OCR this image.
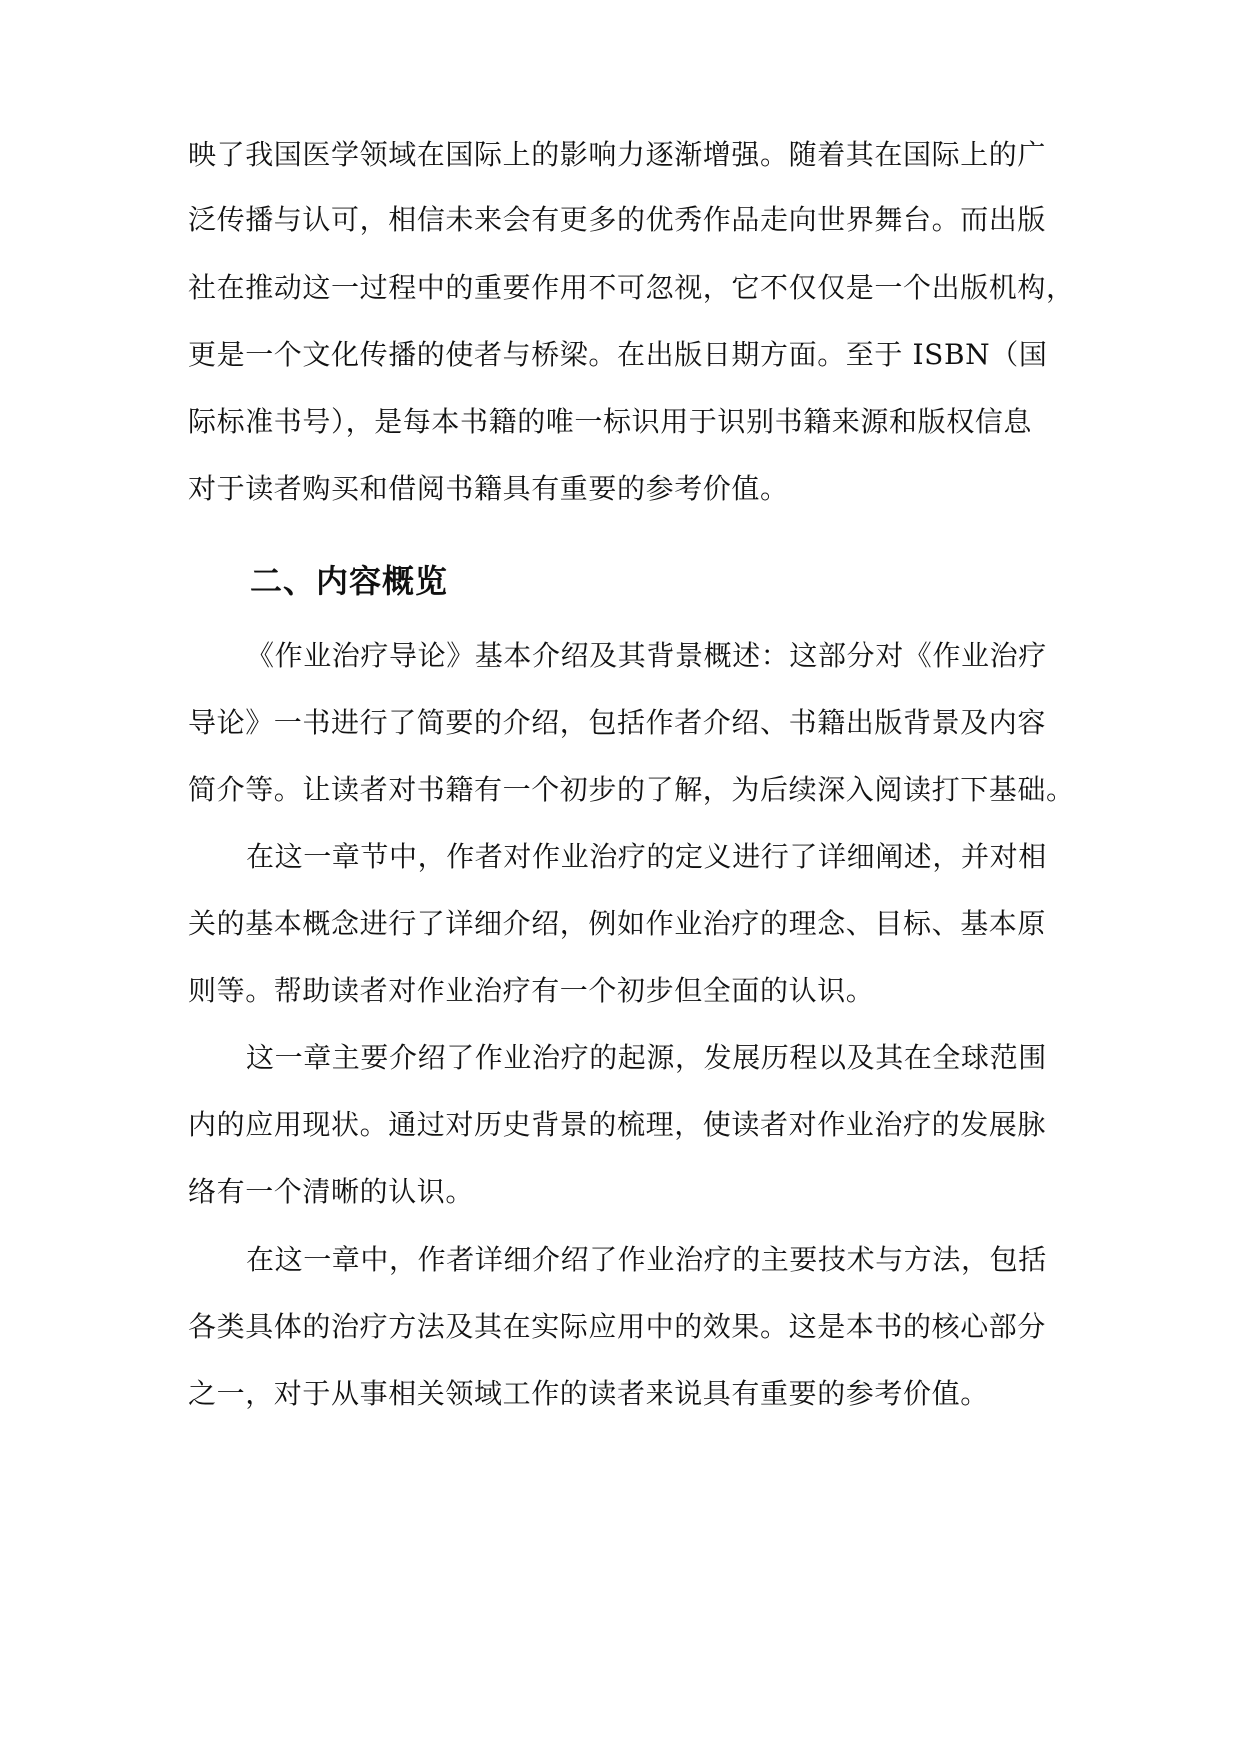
映了我国医学领域在国际上的影响力逐渐增强。随着其在国际上的广
泛传播与认可，相信未来会有更多的优秀作品走向世界舞台。而出版
社在推动这一过程中的重要作用不可忽视，它不仅仅是一个出版机构，
更是一个文化传播的使者与桥梁。在出版日期方面。至于 ISBN（国
际标准书号），是每本书籍的唯一标识用于识别书籍来源和版权信息
对于读者购买和借阅书籍具有重要的参考价值。
二、内容概览
《作业治疗导论》基本介绍及其背景概述：这部分对《作业治疗
导论》一书进行了简要的介绍，包括作者介绍、书籍出版背景及内容
简介等。让读者对书籍有一个初步的了解，为后续深入阅读打下基础。
在这一章节中，作者对作业治疗的定义进行了详细阐述，并对相
关的基本概念进行了详细介绍，例如作业治疗的理念、目标、基本原
则等。帮助读者对作业治疗有一个初步但全面的认识。
这一章主要介绍了作业治疗的起源，发展历程以及其在全球范围
内的应用现状。通过对历史背景的梳理，使读者对作业治疗的发展脉
络有一个清晰的认识。
在这一章中，作者详细介绍了作业治疗的主要技术与方法，包括
各类具体的治疗方法及其在实际应用中的效果。这是本书的核心部分
之一，对于从事相关领域工作的读者来说具有重要的参考价值。
